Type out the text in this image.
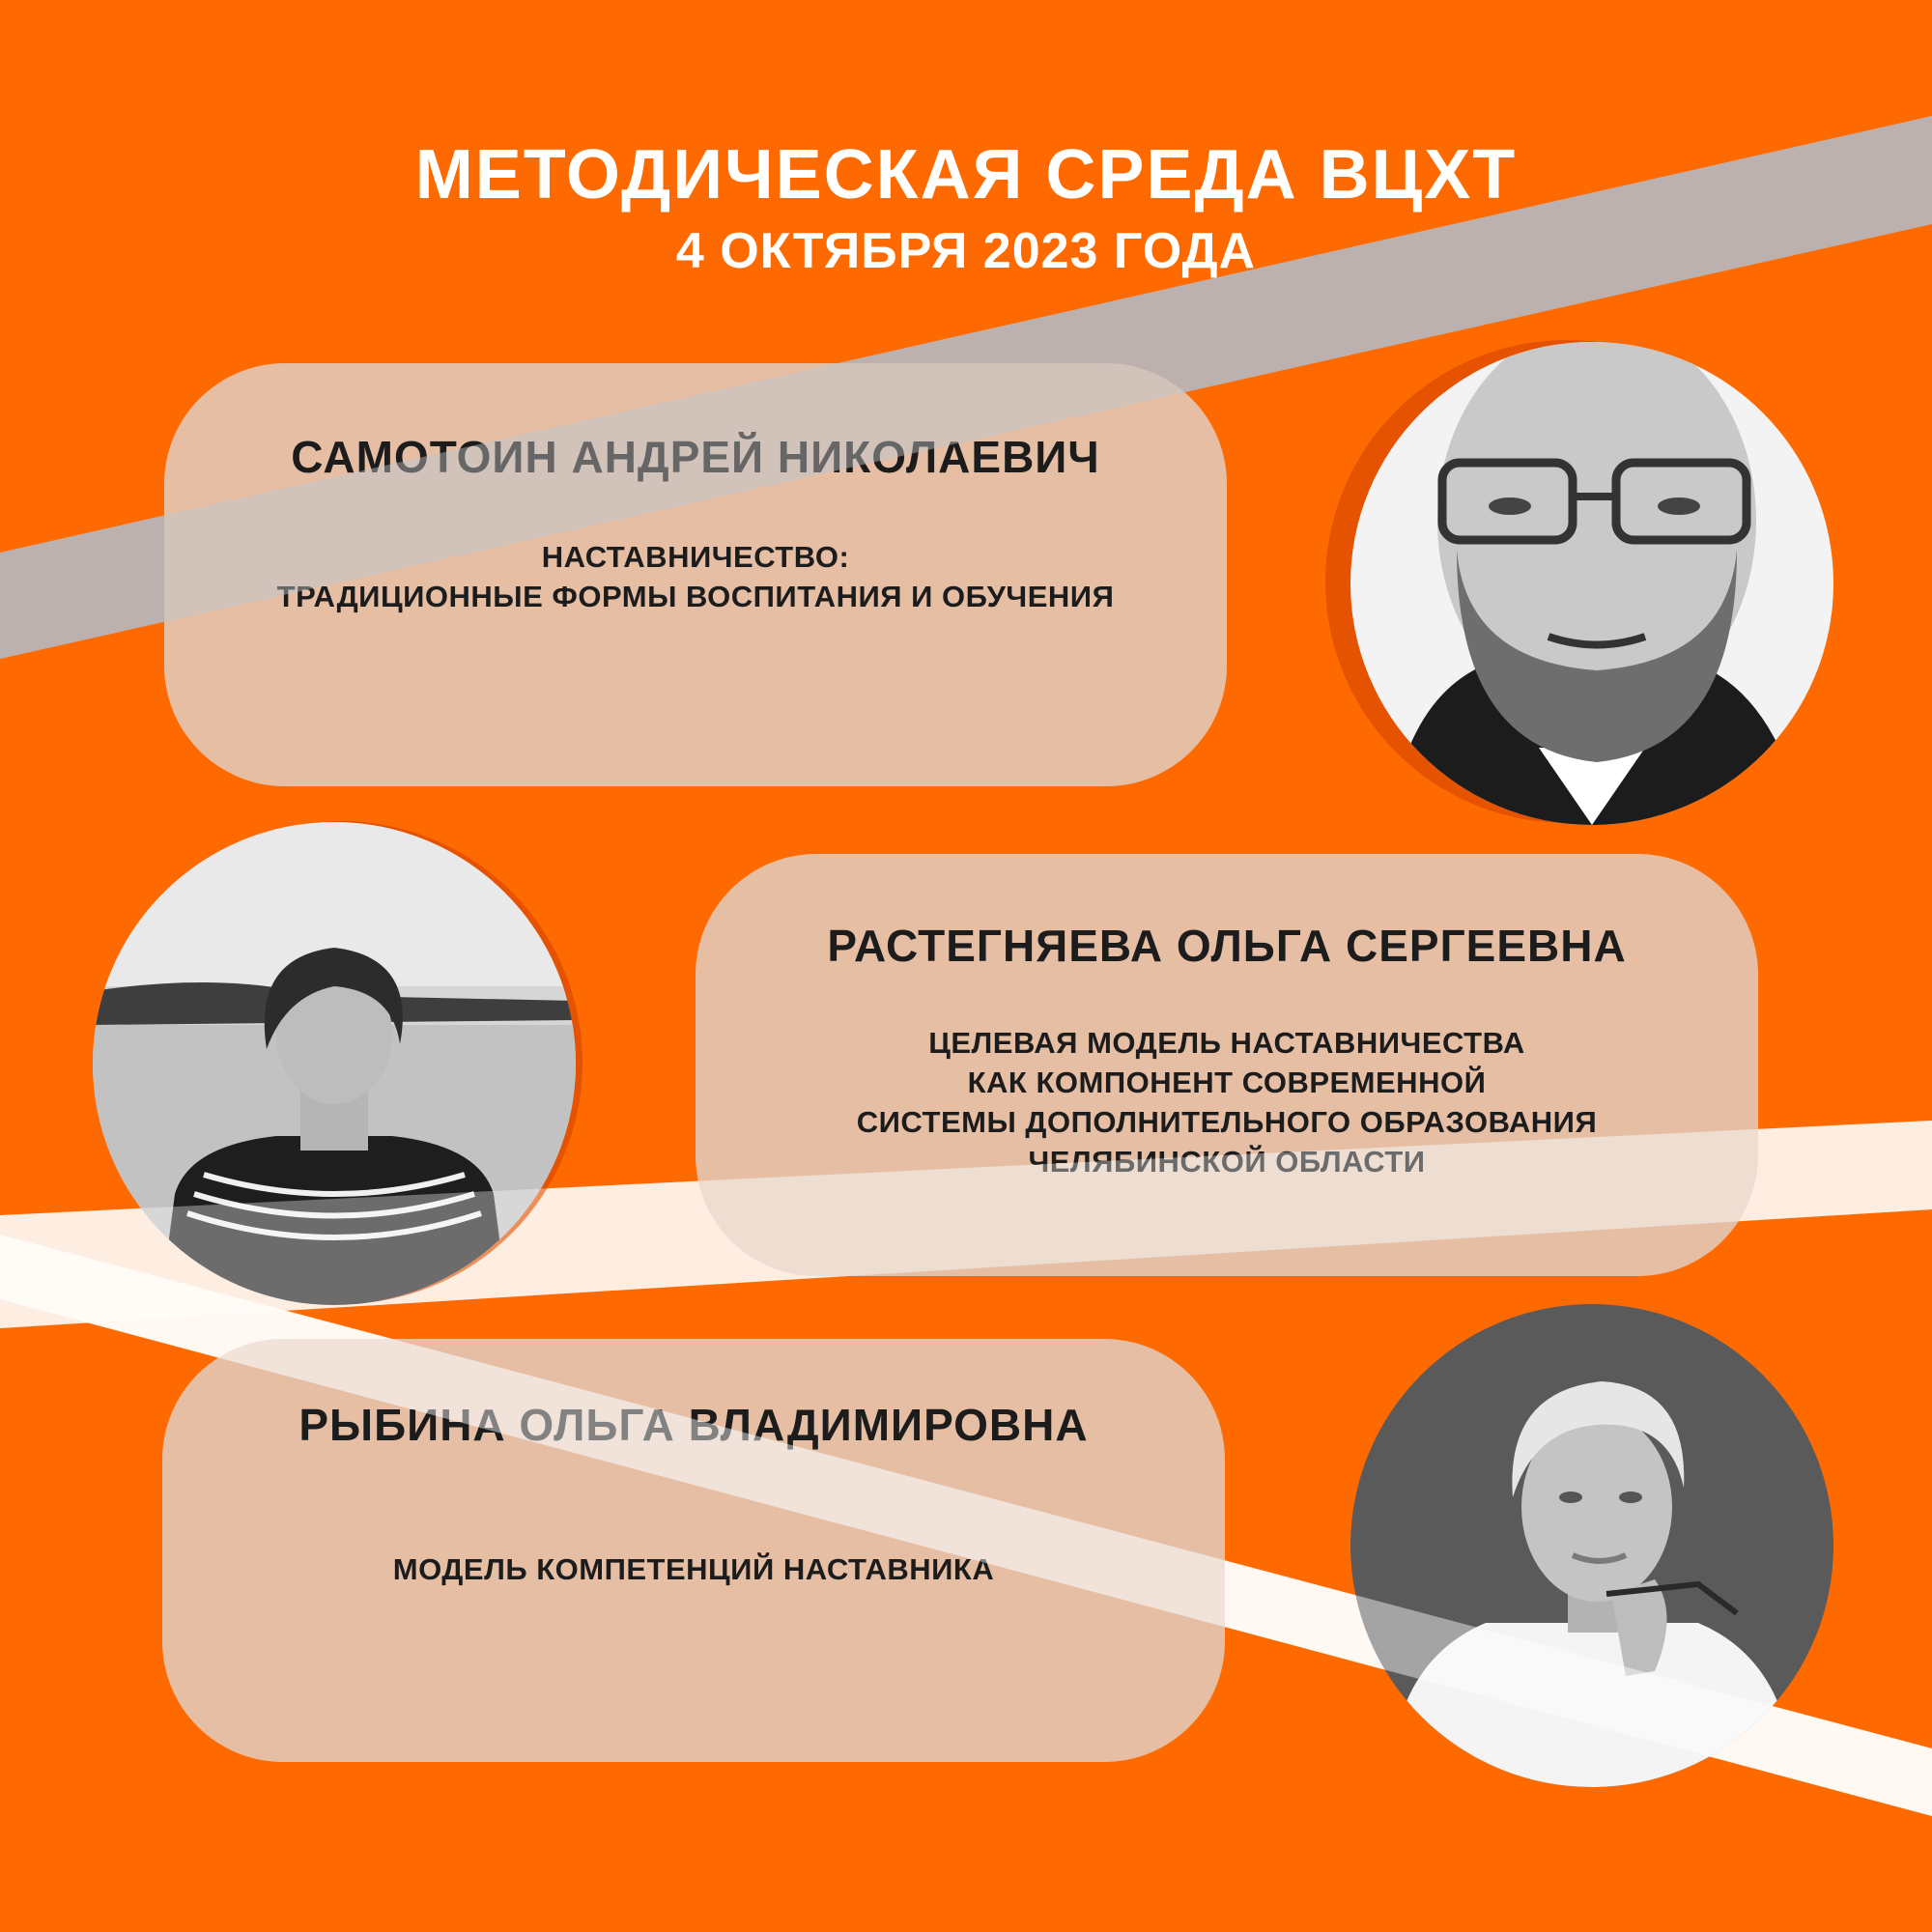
МЕТОДИЧЕСКАЯ СРЕДА ВЦХТ
4 ОКТЯБРЯ 2023 ГОДА
САМОТОИН АНДРЕЙ НИКОЛАЕВИЧ
НАСТАВНИЧЕСТВО:
ТРАДИЦИОННЫЕ ФОРМЫ ВОСПИТАНИЯ И ОБУЧЕНИЯ
РАСТЕГНЯЕВА ОЛЬГА СЕРГЕЕВНА
ЦЕЛЕВАЯ МОДЕЛЬ НАСТАВНИЧЕСТВА
КАК КОМПОНЕНТ СОВРЕМЕННОЙ
СИСТЕМЫ ДОПОЛНИТЕЛЬНОГО ОБРАЗОВАНИЯ
ЧЕЛЯБИНСКОЙ ОБЛАСТИ
РЫБИНА ОЛЬГА ВЛАДИМИРОВНА
МОДЕЛЬ КОМПЕТЕНЦИЙ НАСТАВНИКА
